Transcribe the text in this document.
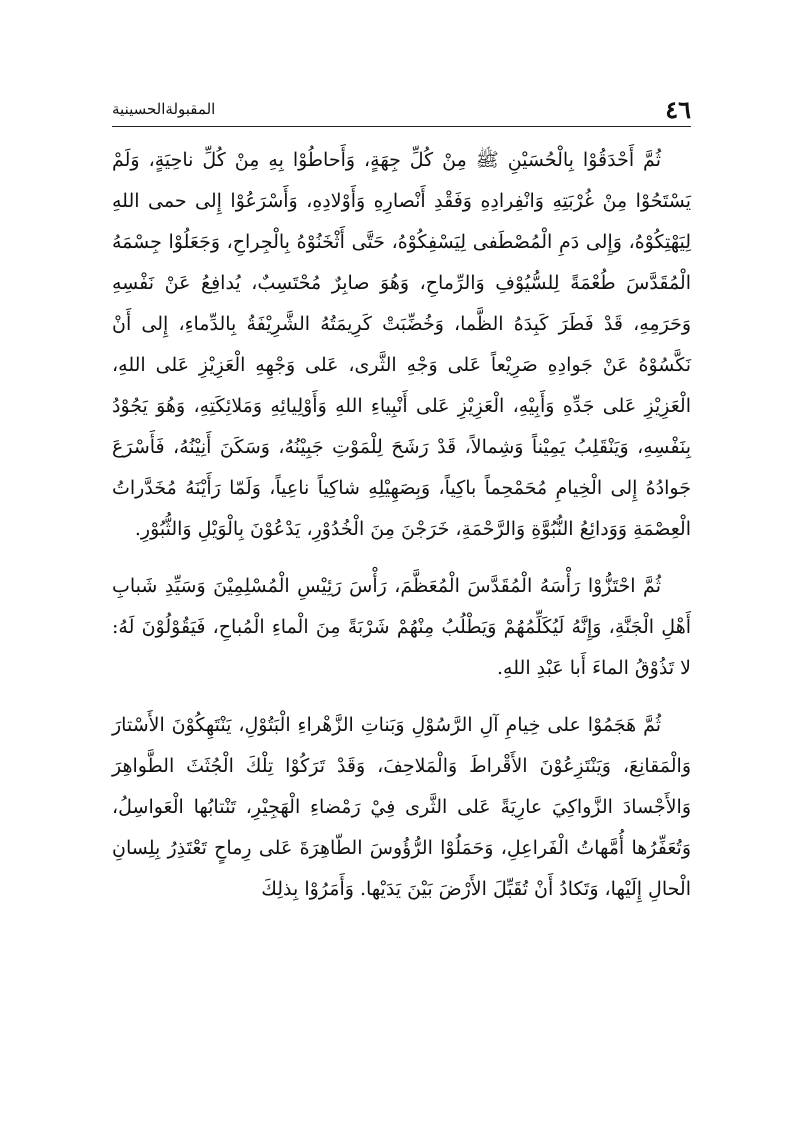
٤٦
المقبولةالحسينية

ثُمَّ أَحْدَقُوْا بِالْحُسَيْنِ ﷺ مِنْ كُلِّ جِهَةٍ، وَأَحاطُوْا بِهِ مِنْ كُلِّ ناحِيَةٍ، وَلَمْ يَسْتَحُوْا مِنْ غُرْبَتِهِ وَانْفِرادِهِ وَفَقْدِ أَنْصارِهِ وَأَوْلادِهِ، وَأَسْرَعُوْا إِلى حمى اللهِ لِيَهْتِكُوْهُ، وَإِلى دَمِ الْمُصْطَفى لِيَسْفِكُوْهُ، حَتَّى أَثْخَنُوْهُ بِالْجِراحِ، وَجَعَلُوْا جِسْمَهُ الْمُقَدَّسَ طُعْمَةً لِلسُّيُوْفِ وَالرِّماحِ، وَهُوَ صابِرٌ مُحْتَسِبٌ، يُدافِعُ عَنْ نَفْسِهِ وَحَرَمِهِ، قَدْ فَطَرَ كَبِدَهُ الظَّما، وَخُضِّبَتْ كَرِيمَتُهُ الشَّرِيْفَةُ بِالدِّماءِ، إِلى أَنْ نَكَّسُوْهُ عَنْ جَوادِهِ صَرِيْعاً عَلى وَجْهِ الثَّرى، عَلى وَجْهِهِ الْعَزِيْزِ عَلى اللهِ، الْعَزِيْزِ عَلى جَدِّهِ وَأَبِيْهِ، الْعَزِيْزِ عَلى أَنْبِياءِ اللهِ وَأَوْلِيائِهِ وَمَلائِكَتِهِ، وَهُوَ يَجُوْدُ بِنَفْسِهِ، وَيَنْقَلِبُ يَمِيْناً وَشِمالاً، قَدْ رَشَحَ لِلْمَوْتِ جَبِيْنُهُ، وَسَكَنَ أَنِيْنُهُ، فَأَسْرَعَ جَوادُهُ إِلى الْخِيامِ مُحَمْحِماً باكِياً، وَبِصَهِيْلِهِ شاكِياً ناعِياً، وَلَمّا رَأَيْنَهُ مُخَدَّراتُ الْعِصْمَةِ وَوَدائِعُ النُّبُوَّةِ وَالرَّحْمَةِ، خَرَجْنَ مِنَ الْخُدُوْرِ، يَدْعُوْنَ بِالْوَيْلِ وَالثُّبُوْرِ.

ثُمَّ احْتَزُّوْا رَأْسَهُ الْمُقَدَّسَ الْمُعَظَّمَ، رَأْسَ رَئِيْسِ الْمُسْلِمِيْنَ وَسَيِّدِ شَبابِ أَهْلِ الْجَنَّةِ، وَإِنَّهُ لَيُكَلِّمُهُمْ وَيَطْلُبُ مِنْهُمْ شَرْبَةً مِنَ الْماءِ الْمُباحِ، فَيَقُوْلُوْنَ لَهُ: لا تَذُوْقُ الماءَ أَبا عَبْدِ اللهِ.

ثُمَّ هَجَمُوْا على خِيامِ آلِ الرَّسُوْلِ وَبَناتِ الزَّهْراءِ الْبَتُوْلِ، يَنْتَهِكُوْنَ الأَسْتارَ وَالْمَقانِعَ، وَيَنْتَزِعُوْنَ الأَقْراطَ وَالْمَلاحِفَ، وَقَدْ تَرَكُوْا تِلْكَ الْجُثَثَ الطَّواهِرَ وَالأَجْسادَ الزَّواكِيَ عارِيَةً عَلى الثَّرى فِيْ رَمْضاءِ الْهَجِيْرِ، تَنْتابُها الْعَواسِلُ، وَتُعَفِّرُها أُمَّهاتُ الْفَراعِلِ، وَحَمَلُوْا الرُّؤُوسَ الطّاهِرَةَ عَلى رِماحٍ تَعْتَذِرُ بِلِسانِ الْحالِ إِلَيْها، وَتَكادُ أَنْ تُقَبِّلَ الأَرْضَ بَيْنَ يَدَيْها. وَأَمَرُوْا بِذلِكَ
